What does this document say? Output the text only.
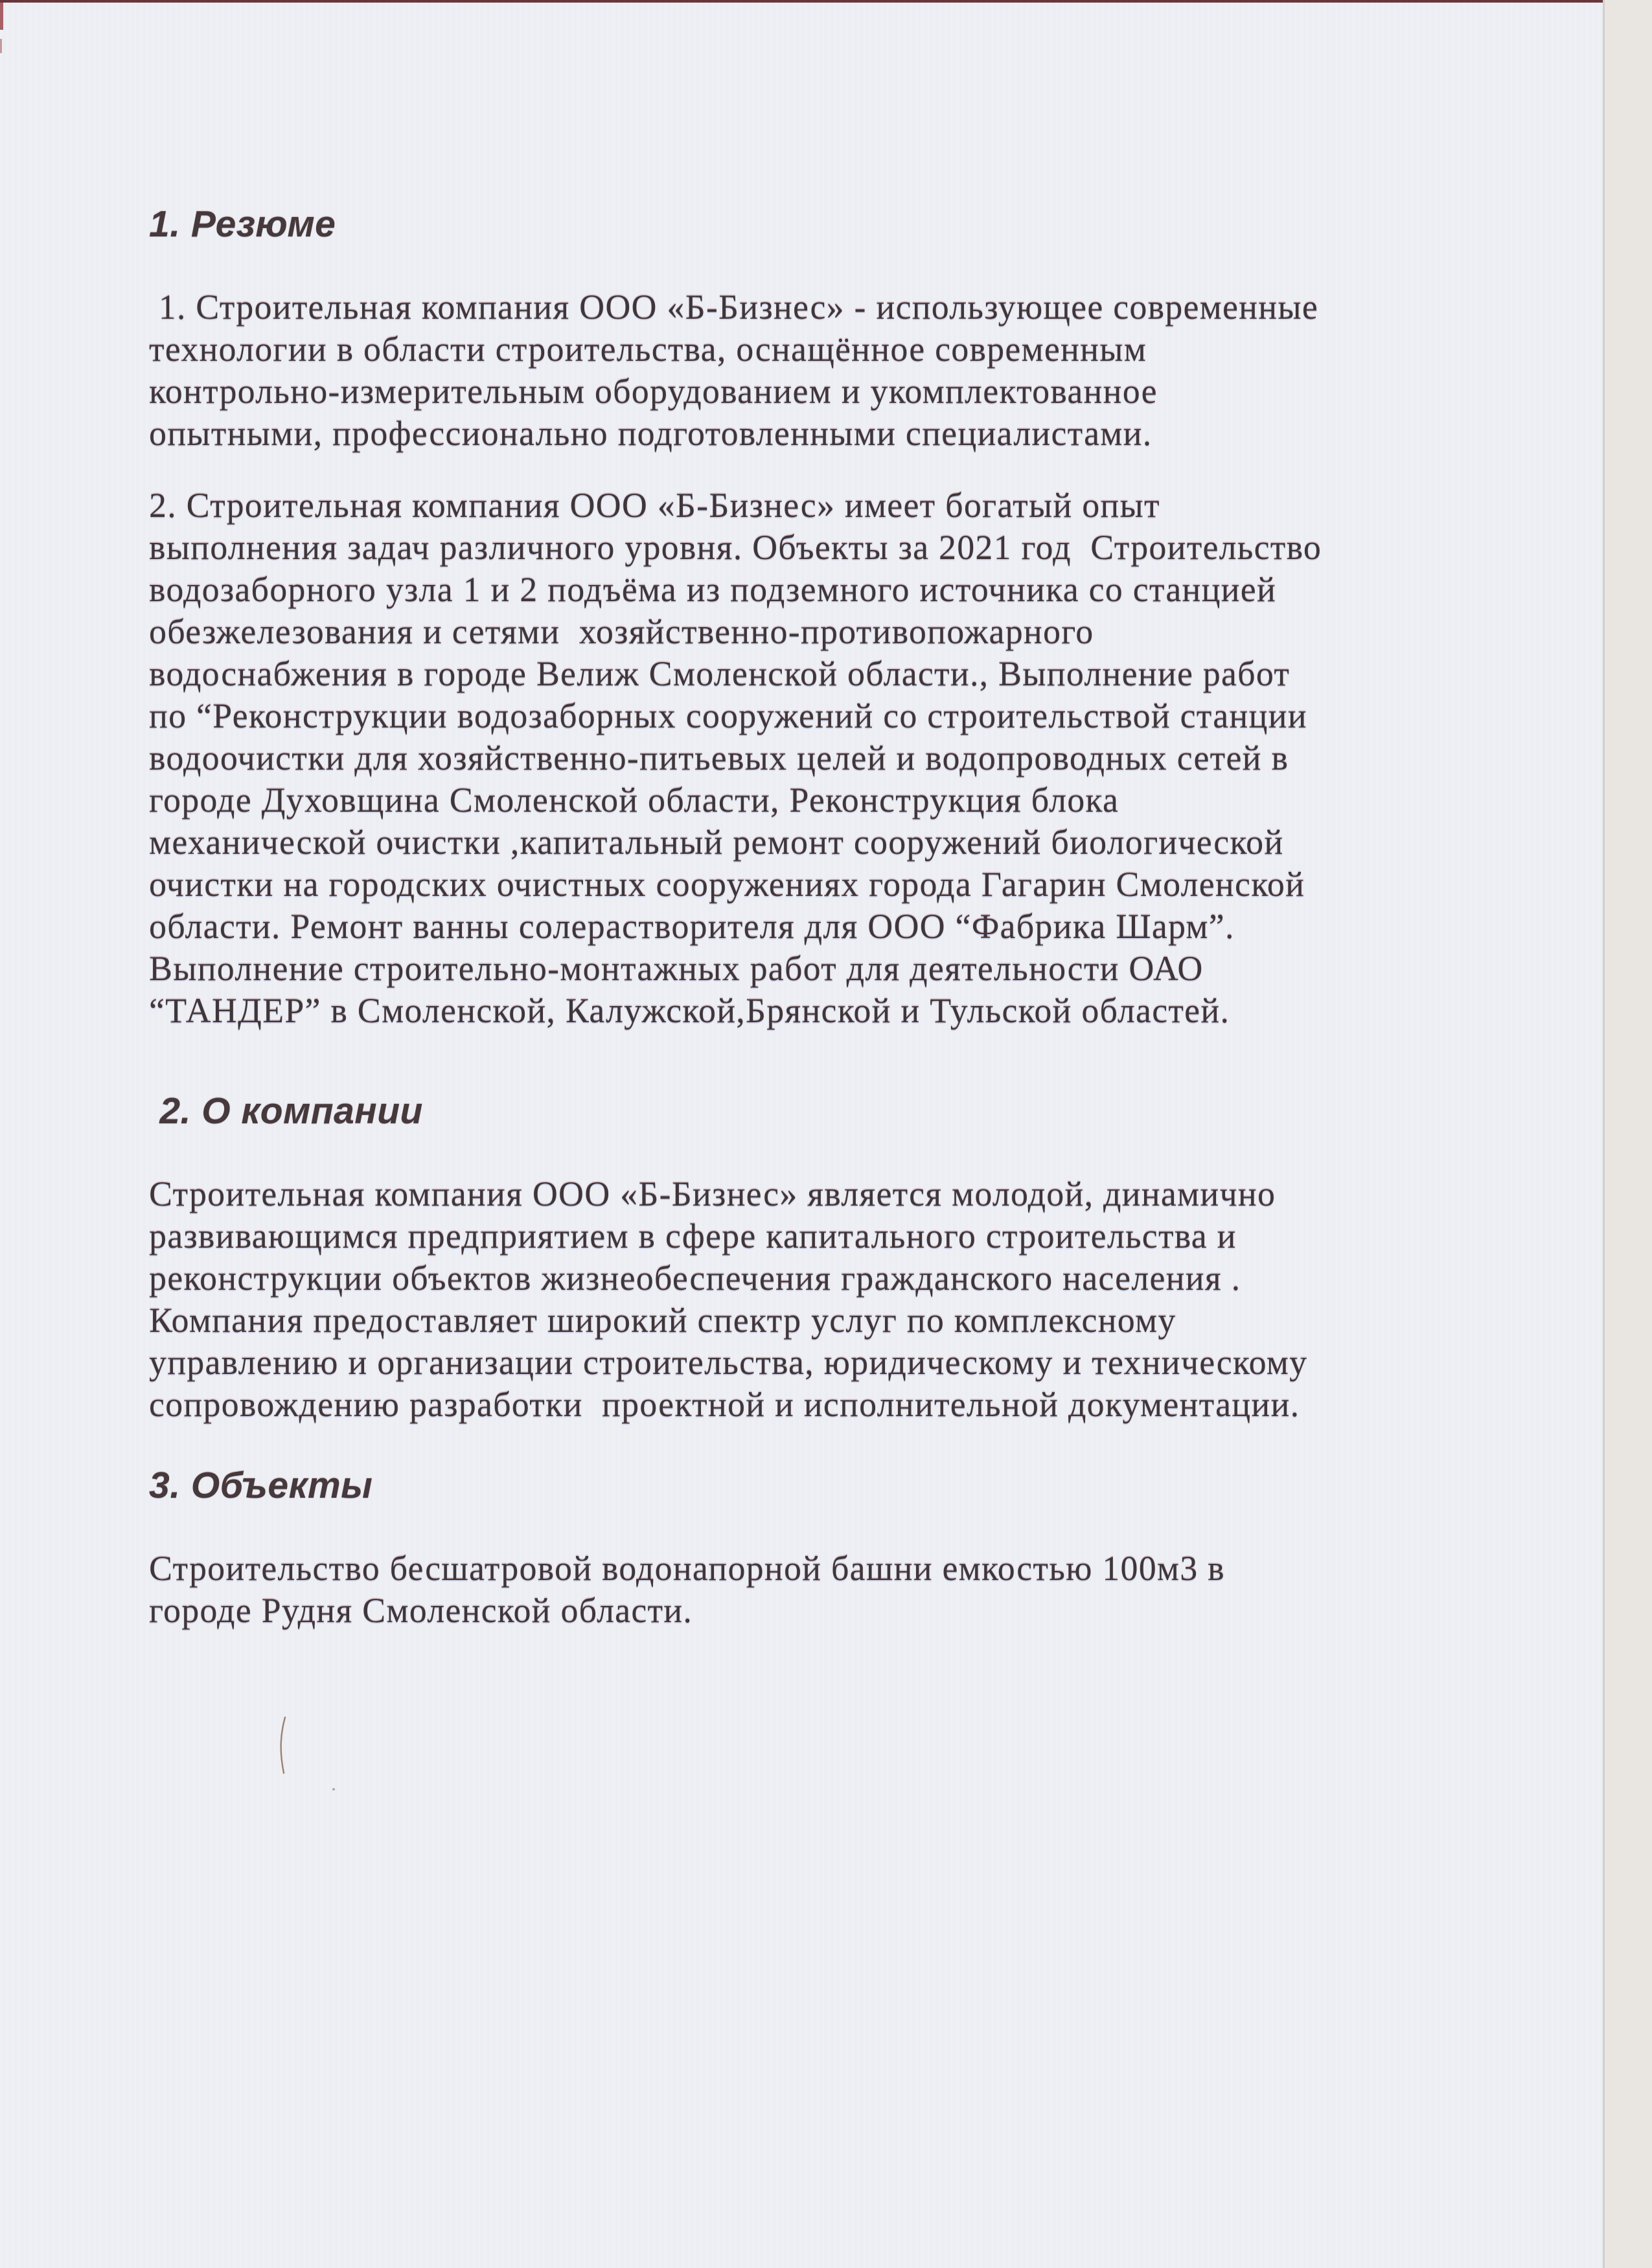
1. Резюме
1. Строительная компания ООО «Б-Бизнес» - использующее современные
технологии в области строительства, оснащённое современным
контрольно-измерительным оборудованием и укомплектованное
опытными, профессионально подготовленными специалистами.
2. Строительная компания ООО «Б-Бизнес» имеет богатый опыт
выполнения задач различного уровня. Объекты за 2021 год  Строительство
водозаборного узла 1 и 2 подъёма из подземного источника со станцией
обезжелезования и сетями  хозяйственно-противопожарного
водоснабжения в городе Велиж Смоленской области., Выполнение работ
по “Реконструкции водозаборных сооружений со строительствой станции
водоочистки для хозяйственно-питьевых целей и водопроводных сетей в
городе Духовщина Смоленской области, Реконструкция блока
механической очистки ,капитальный ремонт сооружений биологической
очистки на городских очистных сооружениях города Гагарин Смоленской
области. Ремонт ванны солерастворителя для ООО “Фабрика Шарм”.
Выполнение строительно-монтажных работ для деятельности ОАО
“ТАНДЕР” в Смоленской, Калужской,Брянской и Тульской областей.
2. О компании
Строительная компания ООО «Б-Бизнес» является молодой, динамично
развивающимся предприятием в сфере капитального строительства и
реконструкции объектов жизнеобеспечения гражданского населения .
Компания предоставляет широкий спектр услуг по комплексному
управлению и организации строительства, юридическому и техническому
сопровождению разработки  проектной и исполнительной документации.
3. Объекты
Строительство бесшатровой водонапорной башни емкостью 100м3 в
городе Рудня Смоленской области.
